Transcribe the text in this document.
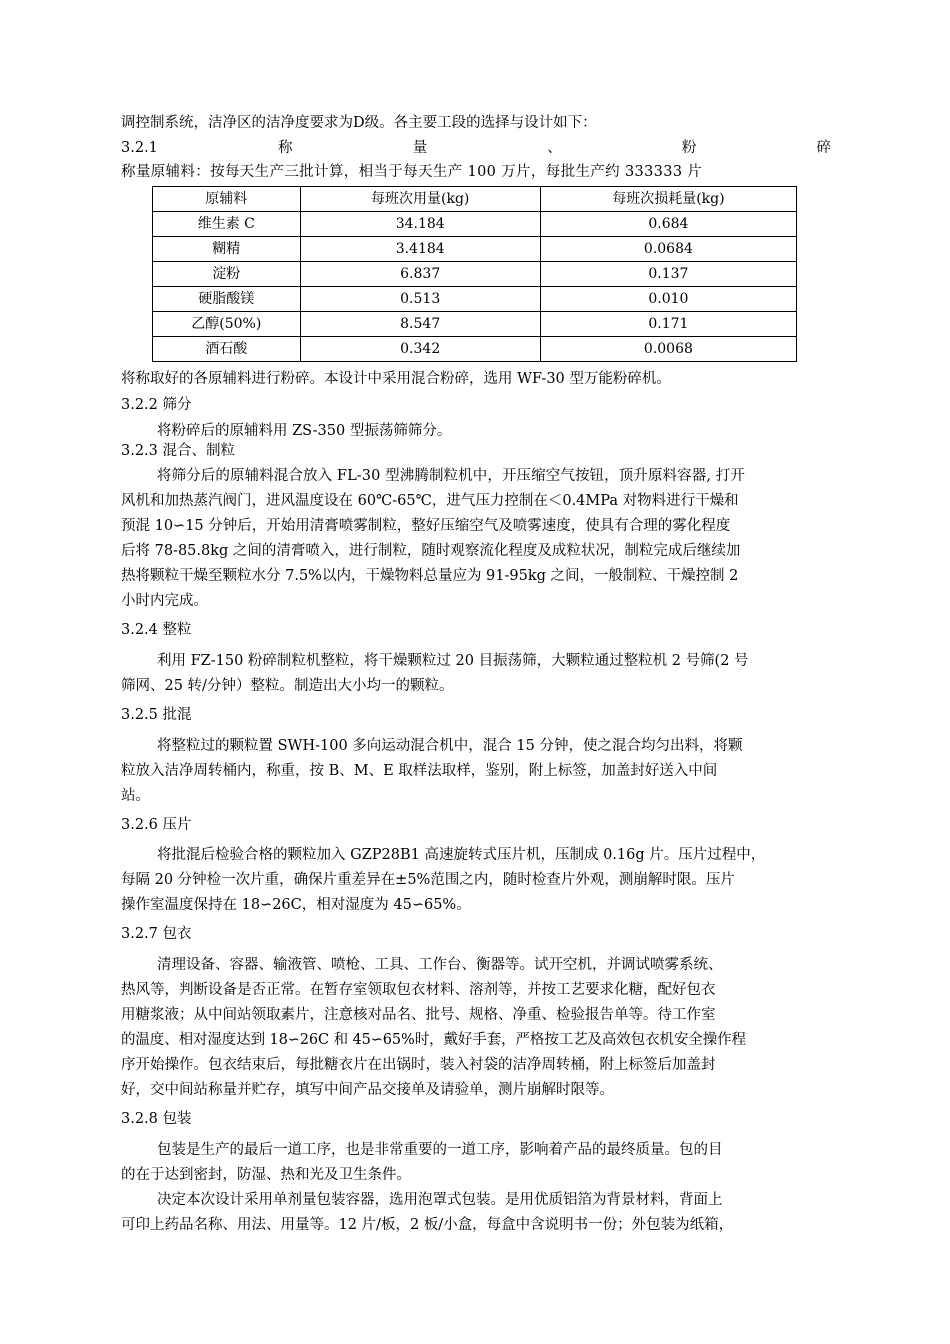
调控制系统，洁净区的洁净度要求为D级。各主要工段的选择与设计如下：
3.2.1	称	量	、	粉	碎
称量原辅料：按每天生产三批计算，相当于每天生产 100 万片，每批生产约 333333 片
原辅料	每班次用量(kg)	每班次损耗量(kg)
维生素 C	34.184	0.684
糊精	3.4184	0.0684
淀粉	6.837	0.137
硬脂酸镁	0.513	0.010
乙醇(50%)	8.547	0.171
酒石酸	0.342	0.0068
将称取好的各原辅料进行粉碎。本设计中采用混合粉碎，选用 WF-30 型万能粉碎机。
3.2.2 筛分
将粉碎后的原辅料用 ZS-350 型振荡筛筛分。
3.2.3 混合、制粒
将筛分后的原辅料混合放入 FL-30 型沸腾制粒机中，开压缩空气按钮，顶升原料容器, 打开
风机和加热蒸汽阀门，进风温度设在 60℃-65℃，进气压力控制在＜0.4MPa 对物料进行干燥和
预混 10∽15 分钟后，开始用清膏喷雾制粒，整好压缩空气及喷雾速度，使具有合理的雾化程度
后将 78-85.8kg 之间的清膏喷入，进行制粒，随时观察流化程度及成粒状况，制粒完成后继续加
热将颗粒干燥至颗粒水分 7.5%以内，干燥物料总量应为 91-95kg 之间，一般制粒、干燥控制 2
小时内完成。
3.2.4 整粒
利用 FZ-150 粉碎制粒机整粒，将干燥颗粒过 20 目振荡筛，大颗粒通过整粒机 2 号筛(2 号
筛网、25 转/分钟）整粒。制造出大小均一的颗粒。
3.2.5 批混
将整粒过的颗粒置 SWH-100 多向运动混合机中，混合 15 分钟，使之混合均匀出料，将颗
粒放入洁净周转桶内，称重，按 B、M、E 取样法取样，鉴别，附上标签，加盖封好送入中间
站。
3.2.6 压片
将批混后检验合格的颗粒加入 GZP28B1 高速旋转式压片机，压制成 0.16g 片。压片过程中，
每隔 20 分钟检一次片重，确保片重差异在±5%范围之内，随时检查片外观，测崩解时限。压片
操作室温度保持在 18∽26C，相对湿度为 45∽65%。
3.2.7 包衣
清理设备、容器、输液管、喷枪、工具、工作台、衡器等。试开空机，并调试喷雾系统、
热风等，判断设备是否正常。在暂存室领取包衣材料、溶剂等，并按工艺要求化糖，配好包衣
用糖浆液；从中间站领取素片，注意核对品名、批号、规格、净重、检验报告单等。待工作室
的温度、相对湿度达到 18∽26C 和 45∽65%时，戴好手套，严格按工艺及高效包衣机安全操作程
序开始操作。包衣结束后，每批糖衣片在出锅时，装入衬袋的洁净周转桶，附上标签后加盖封
好，交中间站称量并贮存，填写中间产品交接单及请验单，测片崩解时限等。
3.2.8 包装
包装是生产的最后一道工序，也是非常重要的一道工序，影响着产品的最终质量。包的目
的在于达到密封，防湿、热和光及卫生条件。
决定本次设计采用单剂量包装容器，选用泡罩式包装。是用优质铝箔为背景材料，背面上
可印上药品名称、用法、用量等。12 片/板，2 板/小盒，每盒中含说明书一份；外包装为纸箱，
